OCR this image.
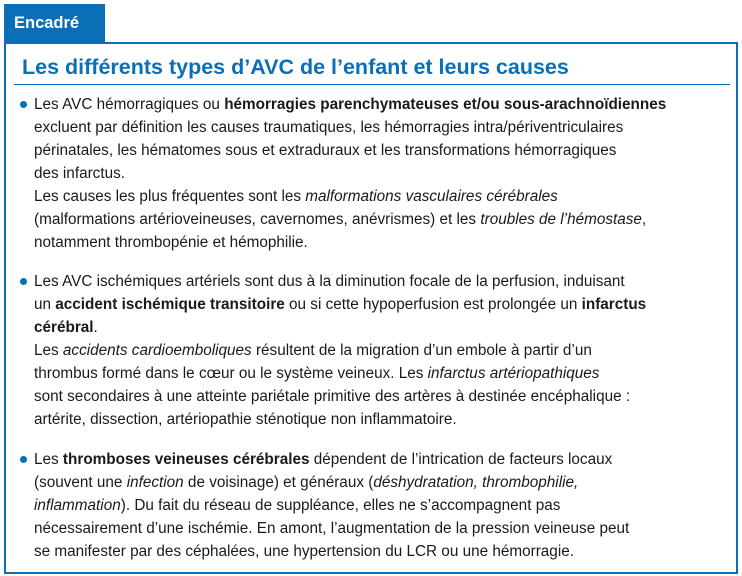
Encadré
Les différents types d’AVC de l’enfant et leurs causes
Les AVC hémorragiques ou hémorragies parenchymateuses et/ou sous-arachnoïdiennes
excluent par définition les causes traumatiques, les hémorragies intra/périventriculaires
périnatales, les hématomes sous et extraduraux et les transformations hémorragiques
des infarctus.
Les causes les plus fréquentes sont les malformations vasculaires cérébrales
(malformations artérioveineuses, cavernomes, anévrismes) et les troubles de l’hémostase,
notamment thrombopénie et hémophilie.
Les AVC ischémiques artériels sont dus à la diminution focale de la perfusion, induisant
un accident ischémique transitoire ou si cette hypoperfusion est prolongée un infarctus
cérébral.
Les accidents cardioemboliques résultent de la migration d’un embole à partir d’un
thrombus formé dans le cœur ou le système veineux. Les infarctus artériopathiques
sont secondaires à une atteinte pariétale primitive des artères à destinée encéphalique :
artérite, dissection, artériopathie sténotique non inflammatoire.
Les thromboses veineuses cérébrales dépendent de l’intrication de facteurs locaux
(souvent une infection de voisinage) et généraux (déshydratation, thrombophilie,
inflammation). Du fait du réseau de suppléance, elles ne s’accompagnent pas
nécessairement d’une ischémie. En amont, l’augmentation de la pression veineuse peut
se manifester par des céphalées, une hypertension du LCR ou une hémorragie.
